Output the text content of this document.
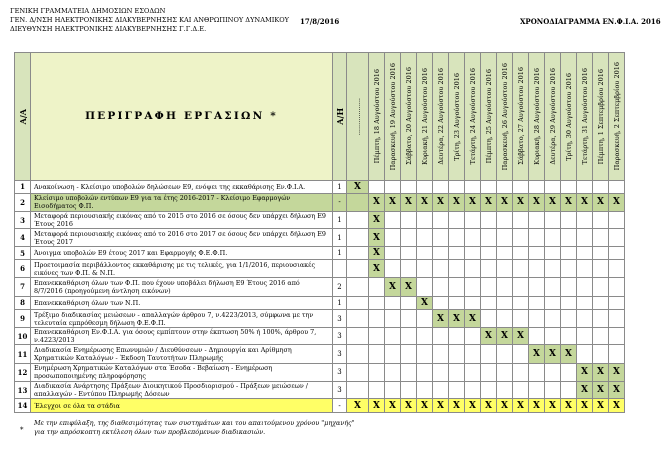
ΓΕΝΙΚΗ ΓΡΑΜΜΑΤΕΙΑ ΔΗΜΟΣΙΩΝ ΕΣΟΔΩΝ
ΓΕΝ. Δ/ΝΣΗ ΗΛΕΚΤΡΟΝΙΚΗΣ ΔΙΑΚΥΒΕΡΝΗΣΗΣ ΚΑΙ ΑΝΘΡΩΠΙΝΟΥ ΔΥΝΑΜΙΚΟΥ
ΔΙΕΥΘΥΝΣΗ ΗΛΕΚΤΡΟΝΙΚΗΣ ΔΙΑΚΥΒΕΡΝΗΣΗΣ Γ.Γ.Δ.Ε.
17/8/2016	ΧΡΟΝΟΔΙΑΓΡΑΜΜΑ ΕΝ.Φ.Ι.Α. 2016
Α/Α	ΠΕΡΙΓΡΑΦΗ ΕΡΓΑΣΙΩΝ *	Α/Η	..................	Πέμπτη, 18 Αυγούστου 2016	Παρασκευή, 19 Αυγούστου 2016	Σάββατο, 20 Αυγούστου 2016	Κυριακή, 21 Αυγούστου 2016	Δευτέρα, 22 Αυγούστου 2016	Τρίτη, 23 Αυγούστου 2016	Τετάρτη, 24 Αυγούστου 2016	Πέμπτη, 25 Αυγούστου 2016	Παρασκευή, 26 Αυγούστου 2016	Σάββατο, 27 Αυγούστου 2016	Κυριακή, 28 Αυγούστου 2016	Δευτέρα, 29 Αυγούστου 2016	Τρίτη, 30 Αυγούστου 2016	Τετάρτη, 31 Αυγούστου 2016	Πέμπτη, 1 Σεπτεμβρίου 2016	Παρασκευή, 2 Σεπτεμβρίου 2016

1	Ανακοίνωση - Κλείσιμο υποβολών δηλώσεων Ε9, ενόψει της εκκαθάρισης Εν.Φ.Ι.Α.	1	X																
2	Κλείσιμο υποβολών εντύπων Ε9 για τα έτης 2016-2017 - Κλείσιμο Εφαρμογών Εισοδήματος Φ.Π.	-		X	X	X	X	X	X	X	X	X	X	X	X	X	X	X	X
3	Μεταφορά περιουσιακής εικόνας από το 2015 στο 2016 σε όσους δεν υπάρχει δήλωση Ε9 Έτους 2016	1		X															
4	Μεταφορά περιουσιακής εικόνας από το 2016 στο 2017 σε όσους δεν υπάρχει δήλωση Ε9 Έτους 2017	1		X															
5	Άνοιγμα υποβολών Ε9 έτους 2017 και Εφαρμογής Φ.Ε.Φ.Π.	1		X															
6	Προετοιμασία περιβάλλοντος εκκαθάρισης με τις τελικές, για 1/1/2016, περιουσιακές εικόνες των Φ.Π. & Ν.Π.			X															
7	Επανεκκαθάριση όλων των Φ.Π. που έχουν υποβάλει δήλωση Ε9 Έτους 2016 από 8/7/2016 (προηγούμενη άντληση εικόνων)	2			X	X													
8	Επανεκκαθάριση όλων των Ν.Π.	1					X												
9	Τρέξιμο διαδικασίας μειώσεων - απαλλαγών άρθρου 7, ν.4223/2013, σύμφωνα με την τελευταία εμπρόθεσμη δήλωση Φ.Ε.Φ.Π.	3						X	X	X									
10	Επανεκκαθάριση Εν.Φ.Ι.Α. για όσους εμπίπτουν στην έκπτωση 50% ή 100%, άρθρου 7, ν.4223/2013	3									X	X	X						
11	Διαδικασία Ενημέρωσης Επωνυμιών / Διευθύνσεων - Δημιουργία και Αρίθμηση Χρηματικών Καταλόγων - Έκδοση Ταυτοτήτων Πληρωμής	3												X	X	X			
12	Ενημέρωση Χρηματικών Καταλόγων στα Έσοδα - Βεβαίωση - Ενημέρωση προσωποποιημένης πληροφόρησης	3															X	X	X
13	Διαδικασία Ανάρτησης Πράξεων Διοικητικού Προσδιορισμού - Πράξεων μειώσεων / απαλλαγών - Εντύπου Πληρωμής Δόσεων	3															X	X	X
14	Έλεγχοι σε όλα τα στάδια	-	X	X	X	X	X	X	X	X	X	X	X	X	X	X	X	X	X
*
Με την επιφύλαξη, της διαθεσιμότητας των συστημάτων και του απαιτούμενου χρόνου "μηχανής"
για την απρόσκοπτη εκτέλεση όλων των προβλεπόμενων διαδικασιών.
